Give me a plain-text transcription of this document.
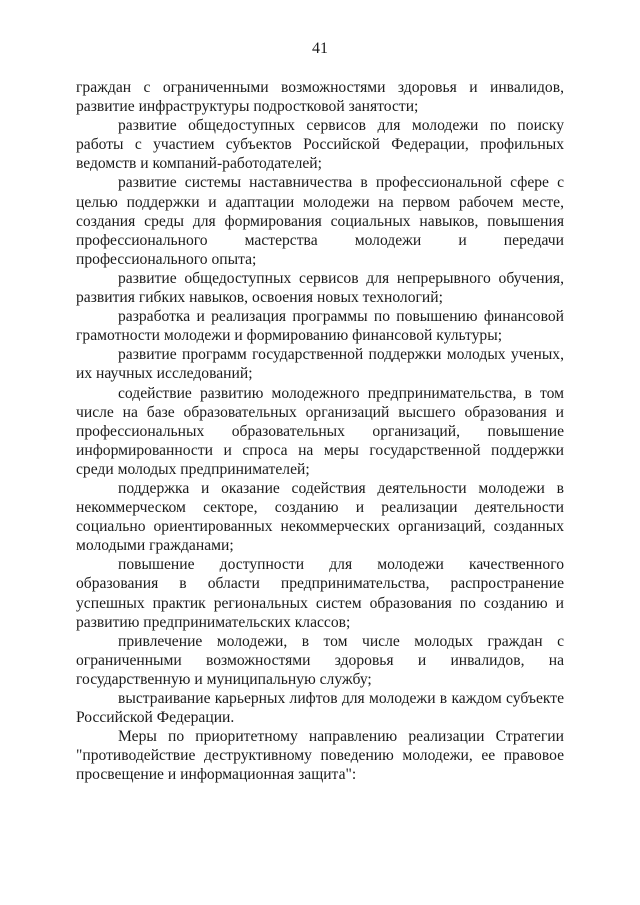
41

граждан с ограниченными возможностями здоровья и инвалидов, развитие инфраструктуры подростковой занятости;

развитие общедоступных сервисов для молодежи по поиску работы с участием субъектов Российской Федерации, профильных ведомств и компаний-работодателей;

развитие системы наставничества в профессиональной сфере с целью поддержки и адаптации молодежи на первом рабочем месте, создания среды для формирования социальных навыков, повышения профессионального мастерства молодежи и передачи профессионального опыта;

развитие общедоступных сервисов для непрерывного обучения, развития гибких навыков, освоения новых технологий;

разработка и реализация программы по повышению финансовой грамотности молодежи и формированию финансовой культуры;

развитие программ государственной поддержки молодых ученых, их научных исследований;

содействие развитию молодежного предпринимательства, в том числе на базе образовательных организаций высшего образования и профессиональных образовательных организаций, повышение информированности и спроса на меры государственной поддержки среди молодых предпринимателей;

поддержка и оказание содействия деятельности молодежи в некоммерческом секторе, созданию и реализации деятельности социально ориентированных некоммерческих организаций, созданных молодыми гражданами;

повышение доступности для молодежи качественного образования в области предпринимательства, распространение успешных практик региональных систем образования по созданию и развитию предпринимательских классов;

привлечение молодежи, в том числе молодых граждан с ограниченными возможностями здоровья и инвалидов, на государственную и муниципальную службу;

выстраивание карьерных лифтов для молодежи в каждом субъекте Российской Федерации.

Меры по приоритетному направлению реализации Стратегии "противодействие деструктивному поведению молодежи, ее правовое просвещение и информационная защита":
